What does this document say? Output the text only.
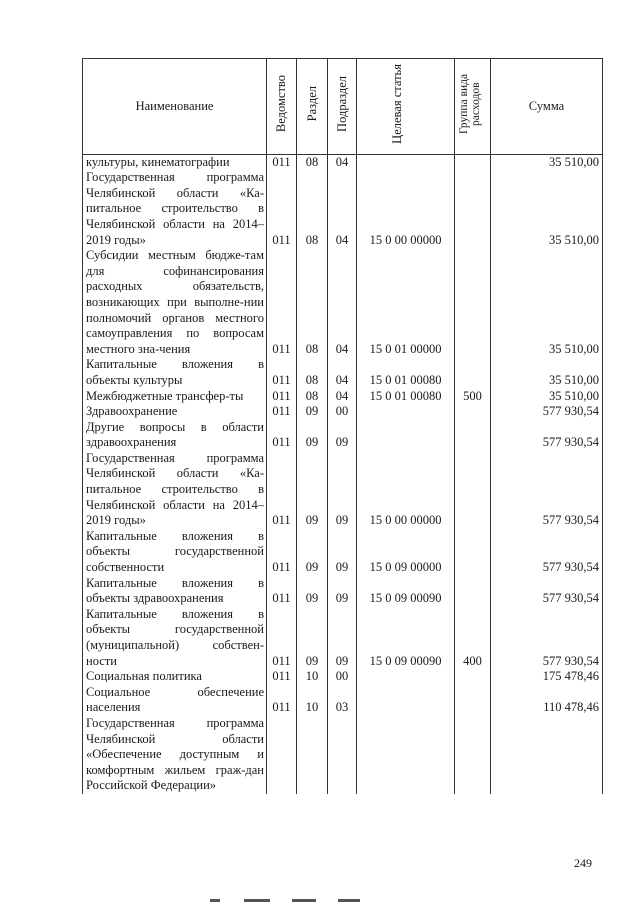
Наименование	Ведомство	Раздел	Подраздел	Целевая статья	Группа вида расходов	Сумма
культуры, кинематографии	011	08	04			35 510,00
Государственная программа Челябинской области «Ка-питальное строительство в Челябинской области на 2014–2019 годы»	011	08	04	15 0 00 00000		35 510,00
Субсидии местным бюдже-там для софинансирования расходных обязательств, возникающих при выполне-нии полномочий органов местного самоуправления по вопросам местного зна-чения	011	08	04	15 0 01 00000		35 510,00
Капитальные вложения в объекты культуры	011	08	04	15 0 01 00080		35 510,00
Межбюджетные трансфер-ты	011	08	04	15 0 01 00080	500	35 510,00
Здравоохранение	011	09	00			577 930,54
Другие вопросы в области здравоохранения	011	09	09			577 930,54
Государственная программа Челябинской области «Ка-питальное строительство в Челябинской области на 2014–2019 годы»	011	09	09	15 0 00 00000		577 930,54
Капитальные вложения в объекты государственной собственности	011	09	09	15 0 09 00000		577 930,54
Капитальные вложения в объекты здравоохранения	011	09	09	15 0 09 00090		577 930,54
Капитальные вложения в объекты государственной (муниципальной) собствен-ности	011	09	09	15 0 09 00090	400	577 930,54
Социальная политика	011	10	00			175 478,46
Социальное обеспечение населения	011	10	03			110 478,46
Государственная программа Челябинской области «Обеспечение доступным и комфортным жильем граж-дан Российской Федерации»						
249
